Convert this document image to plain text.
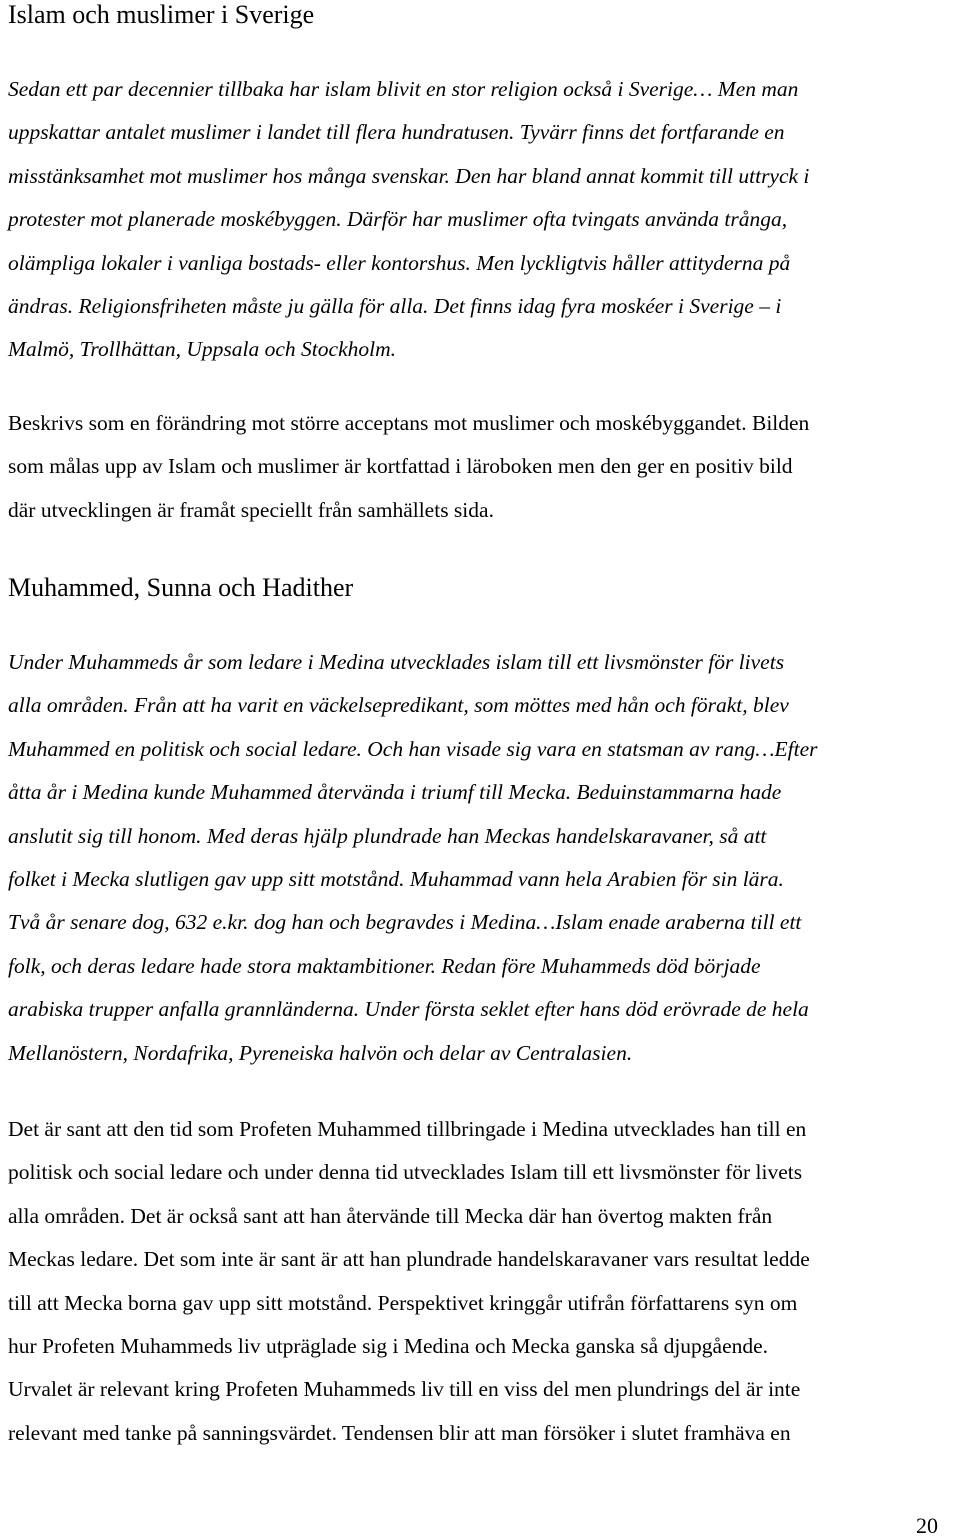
Islam och muslimer i Sverige

Sedan ett par decennier tillbaka har islam blivit en stor religion också i Sverige… Men man
uppskattar antalet muslimer i landet till flera hundratusen. Tyvärr finns det fortfarande en
misstänksamhet mot muslimer hos många svenskar. Den har bland annat kommit till uttryck i
protester mot planerade moskébyggen. Därför har muslimer ofta tvingats använda trånga,
olämpliga lokaler i vanliga bostads- eller kontorshus. Men lyckligtvis håller attityderna på
ändras. Religionsfriheten måste ju gälla för alla. Det finns idag fyra moskéer i Sverige – i
Malmö, Trollhättan, Uppsala och Stockholm.

Beskrivs som en förändring mot större acceptans mot muslimer och moskébyggandet. Bilden
som målas upp av Islam och muslimer är kortfattad i läroboken men den ger en positiv bild
där utvecklingen är framåt speciellt från samhällets sida.

Muhammed, Sunna och Hadither

Under Muhammeds år som ledare i Medina utvecklades islam till ett livsmönster för livets
alla områden. Från att ha varit en väckelsepredikant, som möttes med hån och förakt, blev
Muhammed en politisk och social ledare. Och han visade sig vara en statsman av rang…Efter
åtta år i Medina kunde Muhammed återvända i triumf till Mecka. Beduinstammarna hade
anslutit sig till honom. Med deras hjälp plundrade han Meckas handelskaravaner, så att
folket i Mecka slutligen gav upp sitt motstånd. Muhammad vann hela Arabien för sin lära.
Två år senare dog, 632 e.kr. dog han och begravdes i Medina…Islam enade araberna till ett
folk, och deras ledare hade stora maktambitioner. Redan före Muhammeds död började
arabiska trupper anfalla grannländerna. Under första seklet efter hans död erövrade de hela
Mellanöstern, Nordafrika, Pyreneiska halvön och delar av Centralasien.

Det är sant att den tid som Profeten Muhammed tillbringade i Medina utvecklades han till en
politisk och social ledare och under denna tid utvecklades Islam till ett livsmönster för livets
alla områden. Det är också sant att han återvände till Mecka där han övertog makten från
Meckas ledare. Det som inte är sant är att han plundrade handelskaravaner vars resultat ledde
till att Mecka borna gav upp sitt motstånd. Perspektivet kringgår utifrån författarens syn om
hur Profeten Muhammeds liv utpräglade sig i Medina och Mecka ganska så djupgående.
Urvalet är relevant kring Profeten Muhammeds liv till en viss del men plundrings del är inte
relevant med tanke på sanningsvärdet. Tendensen blir att man försöker i slutet framhäva en

20
